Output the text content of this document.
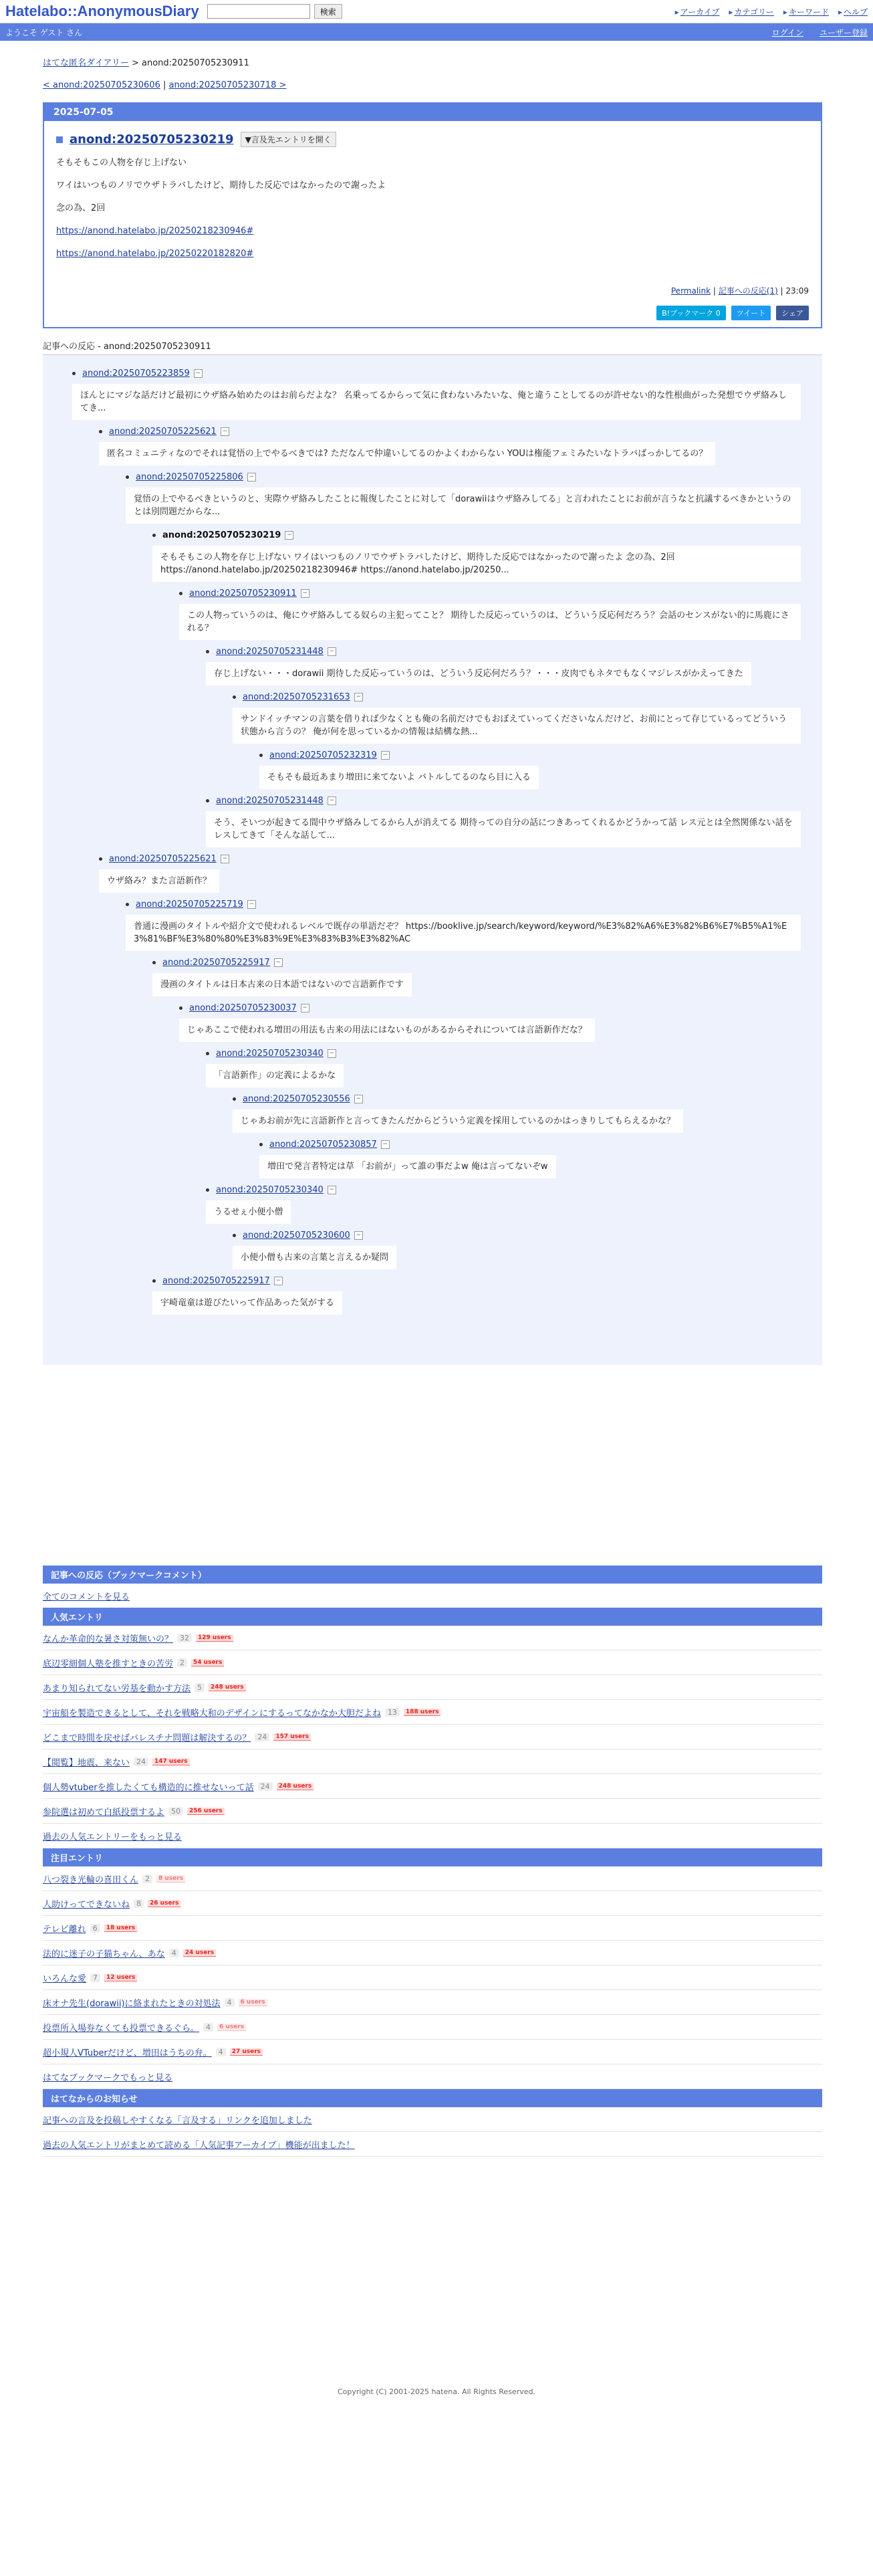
Hatelabo::AnonymousDiary	検索	▸ アーカイブ	▸ カテゴリー	▸ キーワード	▸ ヘルプ
ようこそ ゲスト さん	ログイン ユーザー登録
はてな匿名ダイアリー > anond:20250705230911
< anond:20250705230606 | anond:20250705230718 >
2025-07-05
anond:20250705230219	▼言及先エントリを開く

そもそもこの人物を存じ上げない

ワイはいつものノリでウザトラバしたけど、期待した反応ではなかったので謝ったよ

念の為、2回

https://anond.hatelabo.jp/20250218230946#

https://anond.hatelabo.jp/20250220182820#

Permalink | 記事への反応(1) | 23:09
B!ブックマーク 0	ツイート	シェア
記事への反応 - anond:20250705230911
anond:20250705223859 −
ほんとにマジな話だけど最初にウザ絡み始めたのはお前らだよな？ 名乗ってるからって気に食わないみたいな、俺と違うことしてるのが許せない的な性根曲がった発想でウザ絡みしてき...
anond:20250705225621 −
匿名コミュニティなのでそれは覚悟の上でやるべきでは? ただなんで仲違いしてるのかよくわからない YOUは権能フェミみたいなトラバばっかしてるの？
anond:20250705225806 −
覚悟の上でやるべきというのと、実際ウザ絡みしたことに報復したことに対して「dorawiiはウザ絡みしてる」と言われたことにお前が言うなと抗議するべきかというのとは別問題だからな...
anond:20250705230219 −
そもそもこの人物を存じ上げない ワイはいつものノリでウザトラバしたけど、期待した反応ではなかったので謝ったよ 念の為、2回 https://anond.hatelabo.jp/20250218230946# https://anond.hatelabo.jp/20250...
anond:20250705230911 −
この人物っていうのは、俺にウザ絡みしてる奴らの主犯ってこと？ 期待した反応っていうのは、どういう反応何だろう？会話のセンスがない的に馬鹿にされる？
anond:20250705231448 −
存じ上げない・・・dorawii 期待した反応っていうのは、どういう反応何だろう？・・・皮肉でもネタでもなくマジレスがかえってきた
anond:20250705231653 −
サンドイッチマンの言葉を借りれば少なくとも俺の名前だけでもおぼえていってくださいなんだけど、お前にとって存じているってどういう状態から言うの？ 俺が何を思っているかの情報は結構な熱...
anond:20250705232319 −
そもそも最近あまり増田に来てないよ バトルしてるのなら目に入る
anond:20250705231448 −
そう、そいつが起きてる間中ウザ絡みしてるから人が消えてる 期待っての自分の話につきあってくれるかどうかって話 レス元とは全然関係ない話をレスしてきて「そんな話して...
anond:20250705225621 −
ウザ絡み？また言語新作？
anond:20250705225719 −
普通に漫画のタイトルや紹介文で使われるレベルで既存の単語だぞ？ https://booklive.jp/search/keyword/keyword/%E3%82%A6%E3%82%B6%E7%B5%A1%E3%81%BF%E3%80%80%E3%83%9E%E3%83%B3%E3%82%AC
anond:20250705225917 −
漫画のタイトルは日本古来の日本語ではないので言語新作です
anond:20250705230037 −
じゃあここで使われる増田の用法も古来の用法にはないものがあるからそれについては言語新作だな？
anond:20250705230340 −
「言語新作」の定義によるかな
anond:20250705230556 −
じゃあお前が先に言語新作と言ってきたんだからどういう定義を採用しているのかはっきりしてもらえるかな？
anond:20250705230857 −
増田で発言者特定は草 「お前が」って誰の事だよw 俺は言ってないぞw
anond:20250705230340 −
うるせぇ小便小僧
anond:20250705230600 −
小便小僧も古来の言葉と言えるか疑問
anond:20250705225917 −
宇崎竜童は遊びたいって作品あった気がする
記事への反応（ブックマークコメント）
全てのコメントを見る
人気エントリ
なんか革命的な暑さ対策無いの？ 32	129 users
底辺零細個人塾を推すときの苦労 2	54 users
あまり知られてない労基を動かす方法 5	248 users
宇宙船を製造できるとして、それを戦略大和のデザインにするってなかなか大胆だよね 13	188 users
どこまで時間を戻せばパレスチナ問題は解決するの？ 24	157 users
【閲覧】地震、来ない 24	147 users
個人勢vtuberを推したくても構造的に推せないって話 24	248 users
参院選は初めて白紙投票するよ 50	256 users
過去の人気エントリーをもっと見る
注目エントリ
八つ裂き光輪の喜田くん 2	8 users
人助けってできないね 8	26 users
テレビ離れ 6	18 users
法的に迷子の子猫ちゃん、あな 4	24 users
いろんな愛 7	12 users
床オナ先生(dorawii)に絡まれたときの対処法 4	6 users
投票所入場券なくても投票できるぐら。 4	6 users
超小規人VTuberだけど、増田はうちの弁。 4	27 users
はてなブックマークでもっと見る
はてなからのお知らせ
記事への言及を投稿しやすくなる「言及する」リンクを追加しました
過去の人気エントリがまとめて読める「人気記事アーカイブ」機能が出ました！
Copyright (C) 2001-2025 hatena. All Rights Reserved.
